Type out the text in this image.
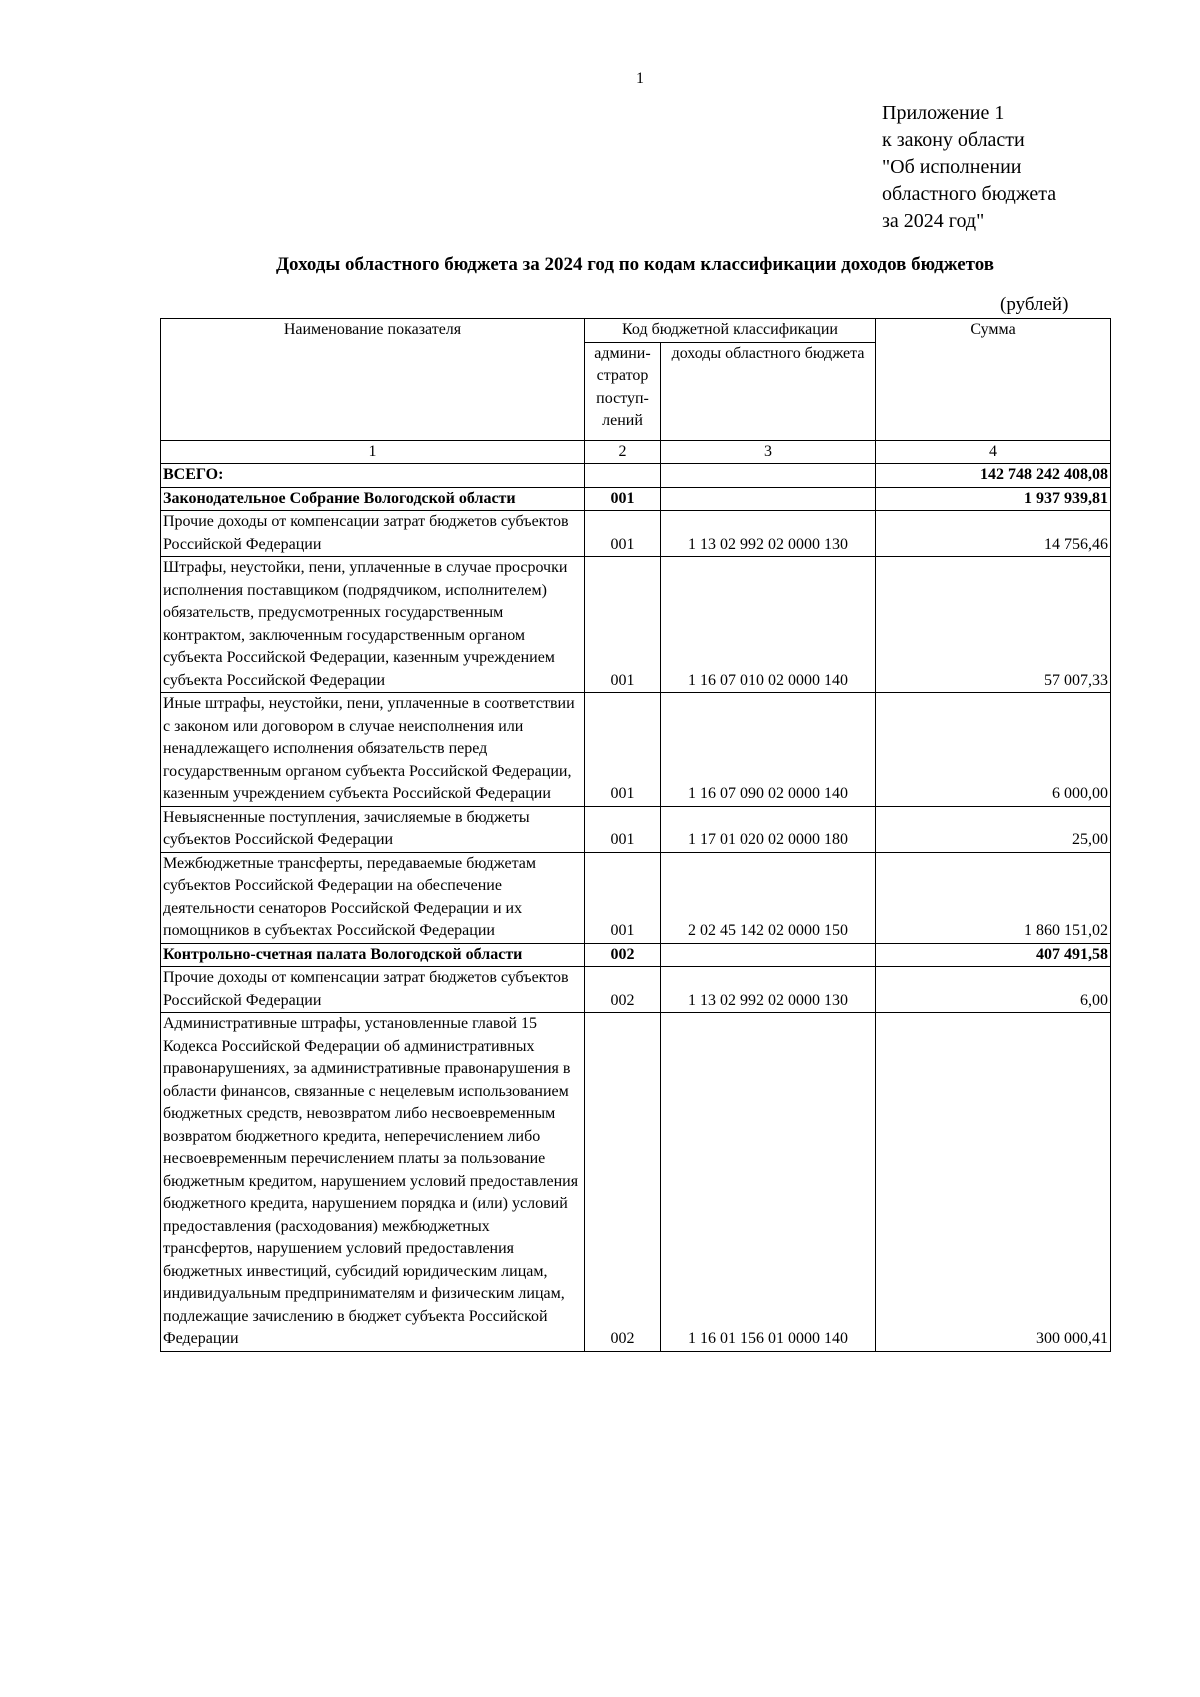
1
Приложение 1
к закону области
"Об исполнении
областного бюджета
за 2024 год"
Доходы областного бюджета за 2024 год по кодам классификации доходов бюджетов
(рублей)
Наименование показателя	Код бюджетной классификации		Сумма
	админи-стратор поступ-лений	доходы областного бюджета	
1	2	3	4
ВСЕГО:			142 748 242 408,08
Законодательное Собрание Вологодской области	001		1 937 939,81
Прочие доходы от компенсации затрат бюджетов субъектов Российской Федерации	001	1 13 02 992 02 0000 130	14 756,46
Штрафы, неустойки, пени, уплаченные в случае просрочки исполнения поставщиком (подрядчиком, исполнителем) обязательств, предусмотренных государственным контрактом, заключенным государственным органом субъекта Российской Федерации, казенным учреждением субъекта Российской Федерации	001	1 16 07 010 02 0000 140	57 007,33
Иные штрафы, неустойки, пени, уплаченные в соответствии с законом или договором в случае неисполнения или ненадлежащего исполнения обязательств перед государственным органом субъекта Российской Федерации, казенным учреждением субъекта Российской Федерации	001	1 16 07 090 02 0000 140	6 000,00
Невыясненные поступления, зачисляемые в бюджеты субъектов Российской Федерации	001	1 17 01 020 02 0000 180	25,00
Межбюджетные трансферты, передаваемые бюджетам субъектов Российской Федерации на обеспечение деятельности сенаторов Российской Федерации и их помощников в субъектах Российской Федерации	001	2 02 45 142 02 0000 150	1 860 151,02
Контрольно-счетная палата Вологодской области	002		407 491,58
Прочие доходы от компенсации затрат бюджетов субъектов Российской Федерации	002	1 13 02 992 02 0000 130	6,00
Административные штрафы, установленные главой 15 Кодекса Российской Федерации об административных правонарушениях, за административные правонарушения в области финансов, связанные с нецелевым использованием бюджетных средств, невозвратом либо несвоевременным возвратом бюджетного кредита, неперечислением либо несвоевременным перечислением платы за пользование бюджетным кредитом, нарушением условий предоставления бюджетного кредита, нарушением порядка и (или) условий предоставления (расходования) межбюджетных трансфертов, нарушением условий предоставления бюджетных инвестиций, субсидий юридическим лицам, индивидуальным предпринимателям и физическим лицам, подлежащие зачислению в бюджет субъекта Российской Федерации	002	1 16 01 156 01 0000 140	300 000,41
